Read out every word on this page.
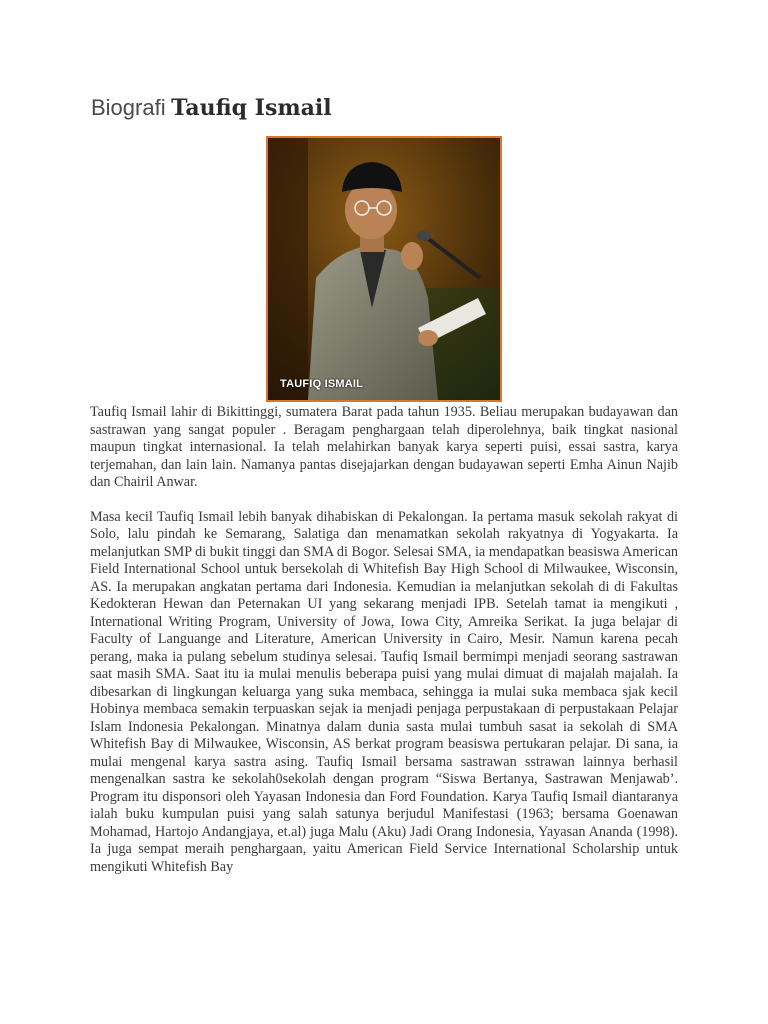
Biografi Taufiq Ismail
TAUFIQ ISMAIL

Taufiq Ismail lahir di Bikittinggi, sumatera Barat pada tahun 1935. Beliau merupakan budayawan dan sastrawan yang sangat populer . Beragam penghargaan telah diperolehnya, baik tingkat nasional maupun tingkat internasional. Ia telah melahirkan banyak karya seperti puisi, essai sastra, karya terjemahan, dan lain lain. Namanya pantas disejajarkan dengan budayawan seperti Emha Ainun Najib dan Chairil Anwar.

Masa kecil Taufiq Ismail lebih banyak dihabiskan di Pekalongan. Ia pertama masuk sekolah rakyat di Solo, lalu pindah ke Semarang, Salatiga dan menamatkan sekolah rakyatnya di Yogyakarta. Ia melanjutkan SMP di bukit tinggi dan SMA di Bogor. Selesai SMA, ia mendapatkan beasiswa American Field International School untuk bersekolah di Whitefish Bay High School di Milwaukee, Wisconsin, AS. Ia merupakan angkatan pertama dari Indonesia. Kemudian ia melanjutkan sekolah di di Fakultas Kedokteran Hewan dan Peternakan UI yang sekarang menjadi IPB. Setelah tamat ia mengikuti , International Writing Program, University of Jowa, Iowa City, Amreika Serikat. Ia juga belajar di Faculty of Languange and Literature, American University in Cairo, Mesir. Namun karena pecah perang, maka ia pulang sebelum studinya selesai. Taufiq Ismail bermimpi menjadi seorang sastrawan saat masih SMA. Saat itu ia mulai menulis beberapa puisi yang mulai dimuat di majalah majalah. Ia dibesarkan di lingkungan keluarga yang suka membaca, sehingga ia mulai suka membaca sjak kecil Hobinya membaca semakin terpuaskan sejak ia menjadi penjaga perpustakaan di perpustakaan Pelajar Islam Indonesia Pekalongan. Minatnya dalam dunia sasta mulai tumbuh sasat ia sekolah di SMA Whitefish Bay di Milwaukee, Wisconsin, AS berkat program beasiswa pertukaran pelajar. Di sana, ia mulai mengenal karya sastra asing. Taufiq Ismail bersama sastrawan sstrawan lainnya berhasil mengenalkan sastra ke sekolah0sekolah dengan program “Siswa Bertanya, Sastrawan Menjawab’. Program itu disponsori oleh Yayasan Indonesia dan Ford Foundation. Karya Taufiq Ismail diantaranya ialah buku kumpulan puisi yang salah satunya berjudul Manifestasi (1963; bersama Goenawan Mohamad, Hartojo Andangjaya, et.al) juga Malu (Aku) Jadi Orang Indonesia, Yayasan Ananda (1998). Ia juga sempat meraih penghargaan, yaitu American Field Service International Scholarship untuk mengikuti Whitefish Bay
